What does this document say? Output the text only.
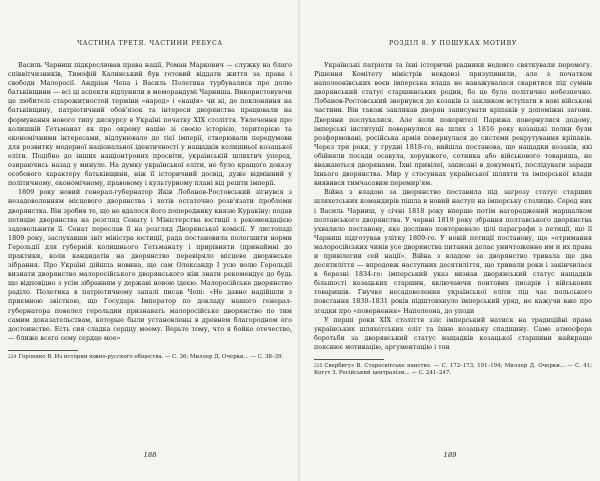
ЧАСТИНА ТРЕТЯ. ЧАСТИНИ РЕБУСА

Василь Чарниш підкреслював права нації, Роман Маркович — служку на благо співвітчизників, Тимофій Калинський був готовий віддати життя за права і свободи Малоросії. Андріан Чепа і Василь Полетика турбувалися про долю батьківщини — всі ці аспекти відлунили в меморандумі Чарниша. Використовуючи це любителі старожитностей терміни «народ» і «нація» чи ні, де поклоняння на батьківщину, патріотичний обов'язок та інтереси дворянства працювали на формування нового типу дискурсу в Україні початку XIX століття. Увлечення про колишній Гетьманат як про окрему націю зі своєю історією, територією та економічними інтересами, відлунювало до тієї імперії, створювали передумови для розвитку модерної національної ідентичності у нащадків колишньої козацької еліти. Подібно до інших нащіонтроних просвіти, українській шляхтич уперед, озираючись назад у минуле. На думку української еліти, не було кращого доказу особового характеру батьківщини, ніж її історичний досвід, дуже відмінний у політичному, економічному, правовому і культурному плані від решти імперії.

1809 року новий генерал-губернатор Яків Лобанов-Ростовський зігнувся з незадоволенням місцевого дворянства і хотів остаточно розв'язати проблеми дворянства. Він зробив те, що не вдалося його попереднику князю Куракіну: подав петицію дворянства на розгляд Сенату і Міністерства юстиції з рекомендацією задовольнити її. Сенат переслав її на розгляд Дворянської комісії. У листопаді 1809 року, заслухавши звіт міністра юстиції, рада постановила полегшити норми Герольдії для губерній колишнього Гетьманату і прирівняти (принаймні до практики, коли кандидатів на дворянство перевіряло місцеве дворянське зібрання. Про Україні дійшла новина, що сам Олександр I усю волю Герольдії визнати дворянство малоросійського дворянського ніж знати рекомендує до будь що відповідно з усім зібранням у державі новою ідеєю. Малоросійське дворянство раділо. Полетика в патріотичному запалі писав Чепі: «Не давно надійшли з приємною звісткою, що Государь Імператор по докладу нашого генерал-губернатора повелел герольдии признавать малоросійське дворянство по тим самим доказательствам, которые были установлены в древнем благородном его достоинстве. Есть сия сладка сердцу моему. Верьте тому, что я бойко отечество, — ближе всего сему сердце мое»

$^{224}$ Горленко В. Из истории южно-русского общества. — С. 36; Миллер Д. Очерки... — С. 38–39.
188
РОЗДІЛ 8. У ПОШУКАХ МОТИВУ

Українські патріоти та їхні історичні радники недовго святкували перемогу. Рішення Комітету міністрів невдовзі призупинили, але з початком наполеонівських воєн імперська влада не наважувалася сваритися під сумнів дворянський статус старшинських родин, бо це було політично небезпечно. Лобанов-Ростовський звернувся до козаків із закликом вступати в нові військові частини. Він також закликав дворян записувати кріпаків у допоміжні загони. Дворяни послухалися. Але коли покорителі Парижа повернулися додому, імперські інституції повернулися на шлях з 1816 року козацькі полки були розформовані, російська армія повернулася до системи рекрутування кріпаків. Через три роки, у грудні 1818-го, вийшла постанова, що нащадки козаків, які обійняли посади осавула, хорунжого, сотника або військового товариша, не вважаються дворянами. Їхні привілеї, записані в документі, послідувати заради їхнього дворянства. Мир у стосунках української шляхти та імперської влади виявився тимчасовим перемир'ям.

Війна з владою за дворянство поставила під загрозу статус старших шляхетських командирів пішла в новий наступ на імперську столицю. Серед них і Василь Чарниш, у січні 1818 року вперше потім нагороджений маршалком полтавського дворянства. У червні 1819 року збрання полтавського дворянства ухвалило постанову, яке дослівно повторювало цілі параграфи з петиції, що її Чарниш підготував улітку 1809-го. У новій петиції постанову, що «отримання малоросійських чинів усе дворянства питання делає уничтоженне им и их права и привілегии сей нації». Війна з владою за дворянство тривала ще два десятиліття — впродовж наступних десятиліття, що тривали роки і закінчилася в березні 1834-го: імперський указ визнав дворянський статус нащадків більшості козацьких старшин, включаючи понтових писарів і військових товаришів. Гнучке несадоволення української еліти під час польського повстання 1830–1831 років підштовхнуло імперський уряд, не кажучи вже про згадки про «повернення» Наполеона, до уподи

У перші роки XIX століття ззіс імперський натиск на традиційні права українських шляхетських еліт та їхню козацьку спадщину. Саме атмосфера боротьби за дворянський статус нащадків козацької старшини найкраще пояснює мотивацію, аргументацію і тон

$^{225}$ Свербигуз В. Старосвітське панство. — С. 172–173, 191–194; Миллер Д. Очерки... — С. 41; Когут З. Російський централізм... — С. 241–247.
189
